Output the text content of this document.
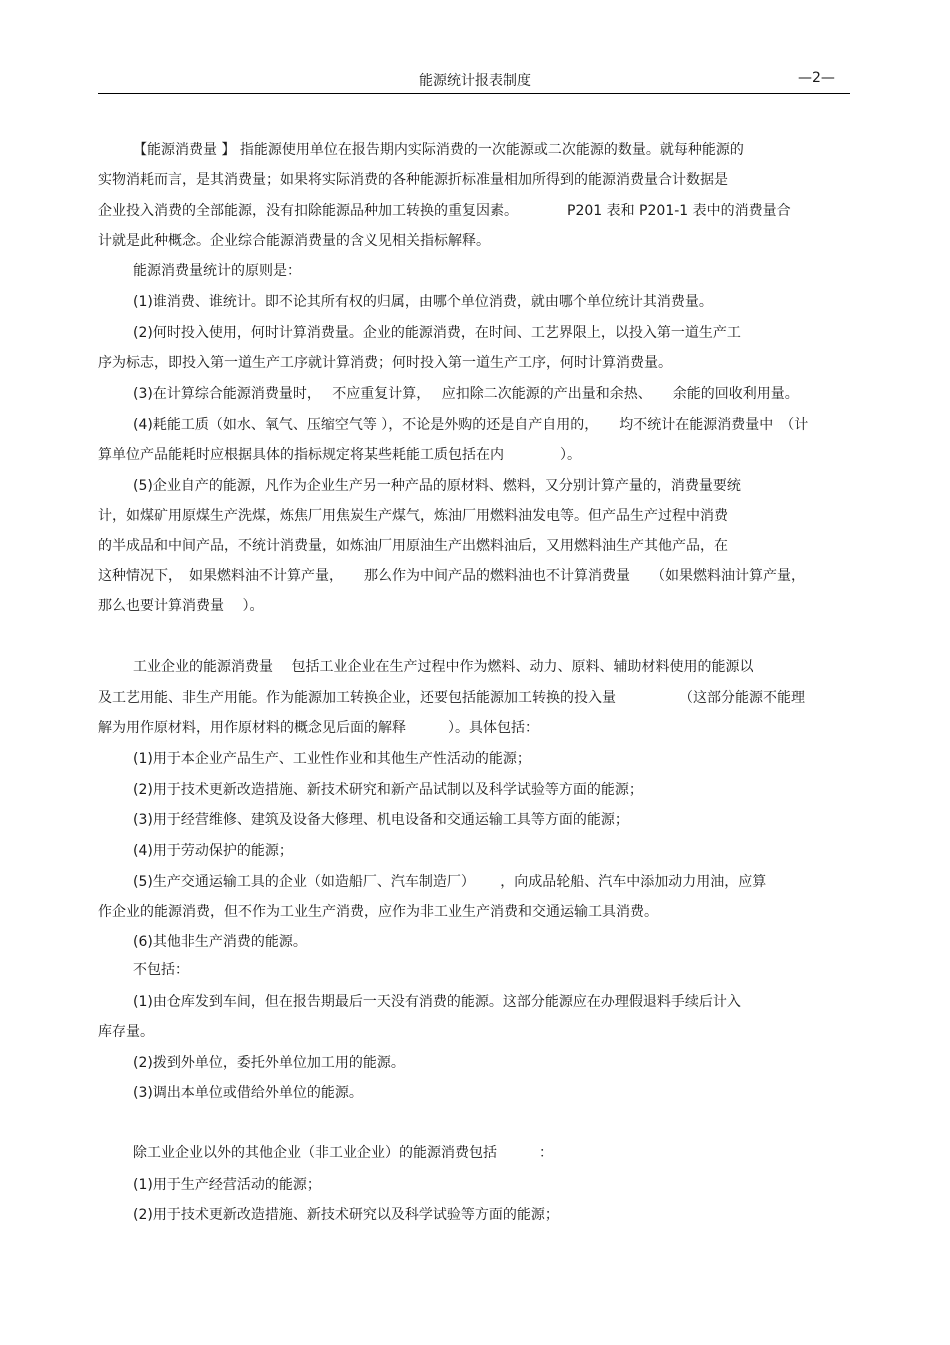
能源统计报表制度	—2—
【能源消费量 】 指能源使用单位在报告期内实际消费的一次能源或二次能源的数量。就每种能源的
实物消耗而言，是其消费量；如果将实际消费的各种能源折标准量相加所得到的能源消费量合计数据是
企业投入消费的全部能源，没有扣除能源品种加工转换的重复因素。　　　　P201 表和 P201-1 表中的消费量合
计就是此种概念。企业综合能源消费量的含义见相关指标解释。
能源消费量统计的原则是：
(1)谁消费、谁统计。即不论其所有权的归属，由哪个单位消费，就由哪个单位统计其消费量。
(2)何时投入使用，何时计算消费量。企业的能源消费，在时间、工艺界限上，以投入第一道生产工
序为标志，即投入第一道生产工序就计算消费；何时投入第一道生产工序，何时计算消费量。
(3)在计算综合能源消费量时，　 不应重复计算，　 应扣除二次能源的产出量和余热、　　余能的回收利用量。
(4)耗能工质（如水、氧气、压缩空气等 ），不论是外购的还是自产自用的，　　均不统计在能源消费量中　（计
算单位产品能耗时应根据具体的指标规定将某些耗能工质包括在内　　　　）。
(5)企业自产的能源，凡作为企业生产另一种产品的原材料、燃料，又分别计算产量的，消费量要统
计，如煤矿用原煤生产洗煤，炼焦厂用焦炭生产煤气，炼油厂用燃料油发电等。但产品生产过程中消费
的半成品和中间产品，不统计消费量，如炼油厂用原油生产出燃料油后，又用燃料油生产其他产品，在
这种情况下，　如果燃料油不计算产量，　　那么作为中间产品的燃料油也不计算消费量　　（如果燃料油计算产量，
那么也要计算消费量　 ）。
工业企业的能源消费量　 包括工业企业在生产过程中作为燃料、动力、原料、辅助材料使用的能源以
及工艺用能、非生产用能。作为能源加工转换企业，还要包括能源加工转换的投入量　　　　　（这部分能源不能理
解为用作原材料，用作原材料的概念见后面的解释　　　）。具体包括：
(1)用于本企业产品生产、工业性作业和其他生产性活动的能源；
(2)用于技术更新改造措施、新技术研究和新产品试制以及科学试验等方面的能源；
(3)用于经营维修、建筑及设备大修理、机电设备和交通运输工具等方面的能源；
(4)用于劳动保护的能源；
(5)生产交通运输工具的企业（如造船厂、汽车制造厂）　　 ，向成品轮船、汽车中添加动力用油，应算
作企业的能源消费，但不作为工业生产消费，应作为非工业生产消费和交通运输工具消费。
(6)其他非生产消费的能源。
不包括：
(1)由仓库发到车间，但在报告期最后一天没有消费的能源。这部分能源应在办理假退料手续后计入
库存量。
(2)拨到外单位，委托外单位加工用的能源。
(3)调出本单位或借给外单位的能源。
除工业企业以外的其他企业（非工业企业）的能源消费包括　　　：
(1)用于生产经营活动的能源；
(2)用于技术更新改造措施、新技术研究以及科学试验等方面的能源；
